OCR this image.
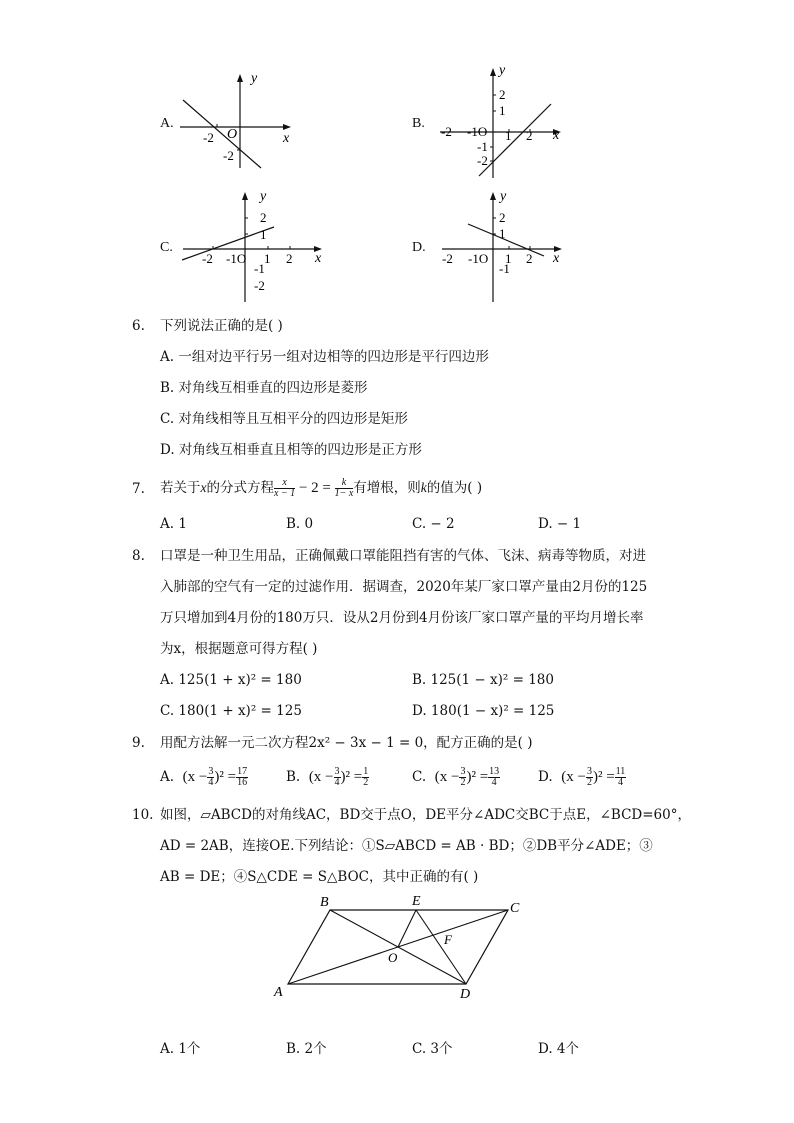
A.
-2 O
-2
x
y
B.
-2 -1O 1 2
2
1
-1
-2
x
y
C.
-2 -1O 1 2
2
1
-1
-2
x
y
D.
-2 -1O 1 2
2
1
-1
x
y
6. 下列说法正确的是( )
A. 一组对边平行另一组对边相等的四边形是平行四边形
B. 对角线互相垂直的四边形是菱形
C. 对角线相等且互相平分的四边形是矩形
D. 对角线互相垂直且相等的四边形是正方形
7. 若关于x的分式方程 $\frac{x}{x - 1} - 2 = \frac{k}{1- x}$ 有增根，则k的值为( )
A. 1	B. 0	C. − 2	D. − 1
8. 口罩是一种卫生用品，正确佩戴口罩能阻挡有害的气体、飞沫、病毒等物质，对进
入肺部的空气有一定的过滤作用．据调查，2020年某厂家口罩产量由2月份的125
万只增加到4月份的180万只．设从2月份到4月份该厂家口罩产量的平均月增长率
为x，根据题意可得方程( )
A. 125(1 + x)² = 180	B. 125(1 − x)² = 180
C. 180(1 + x)² = 125	D. 180(1 − x)² = 125
9. 用配方法解一元二次方程2x² − 3x − 1 = 0，配方正确的是( )
A. $(x - \frac{3}{4} )^2 = \frac{17}{16}$	B. $(x - \frac{3}{4} )^2 = \frac{1}{2}$	C. $(x - \frac{3}{2} )^2 = \frac{13}{4}$	D. $(x - \frac{3}{2} )^2 = \frac{11}{4}$
10. 如图，▱ABCD的对角线AC，BD交于点O，DE平分∠ADC交BC于点E，∠BCD=60°，
AD = 2AB，连接OE.下列结论：①S▱ABCD = AB · BD；②DB平分∠ADE；③
AB = DE；④S△CDE = S△BOC，其中正确的有( )
A
B	C
D
E
F
O
A. 1个	B. 2个	C. 3个	D. 4个
